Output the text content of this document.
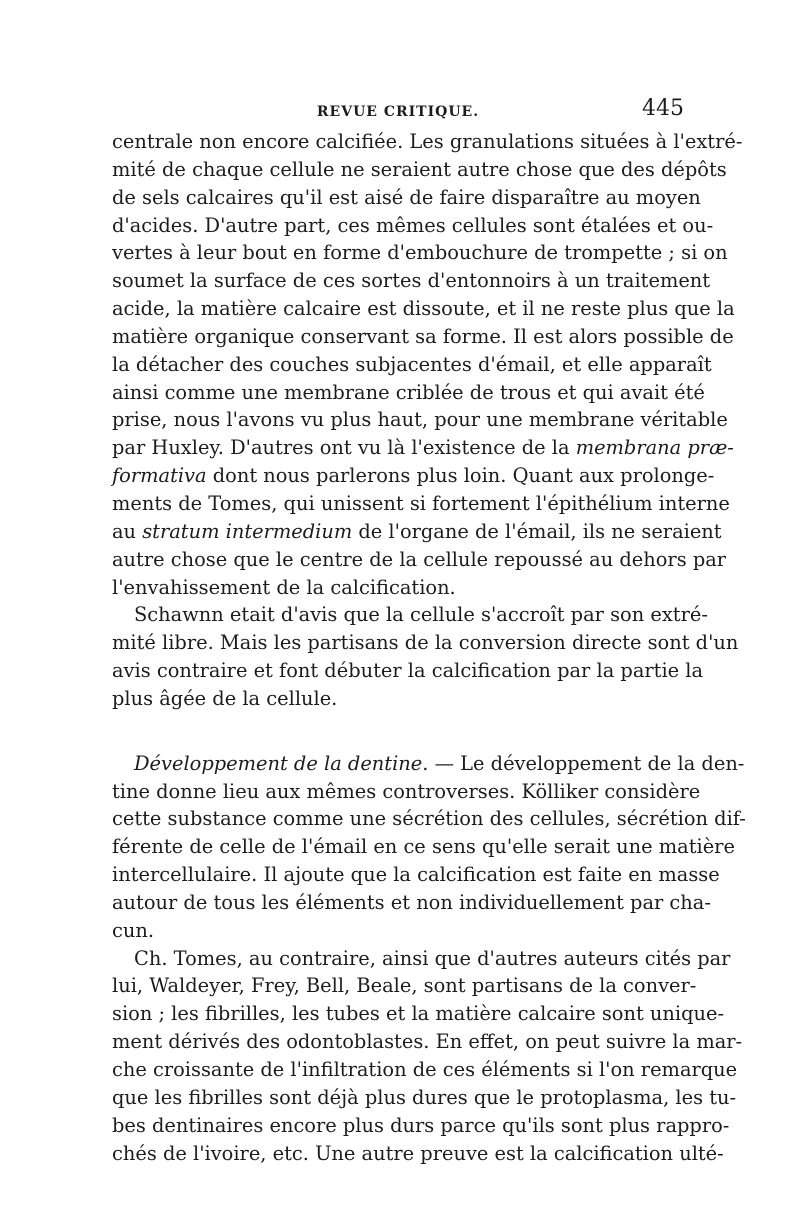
REVUE CRITIQUE.	445
centrale non encore calcifiée. Les granulations situées à l'extré-
mité de chaque cellule ne seraient autre chose que des dépôts
de sels calcaires qu'il est aisé de faire disparaître au moyen
d'acides. D'autre part, ces mêmes cellules sont étalées et ou-
vertes à leur bout en forme d'embouchure de trompette ; si on
soumet la surface de ces sortes d'entonnoirs à un traitement
acide, la matière calcaire est dissoute, et il ne reste plus que la
matière organique conservant sa forme. Il est alors possible de
la détacher des couches subjacentes d'émail, et elle apparaît
ainsi comme une membrane criblée de trous et qui avait été
prise, nous l'avons vu plus haut, pour une membrane véritable
par Huxley. D'autres ont vu là l'existence de la membrana præ-
formativa dont nous parlerons plus loin. Quant aux prolonge-
ments de Tomes, qui unissent si fortement l'épithélium interne
au stratum intermedium de l'organe de l'émail, ils ne seraient
autre chose que le centre de la cellule repoussé au dehors par
l'envahissement de la calcification.
Schawnn etait d'avis que la cellule s'accroît par son extré-
mité libre. Mais les partisans de la conversion directe sont d'un
avis contraire et font débuter la calcification par la partie la
plus âgée de la cellule.
Développement de la dentine. — Le développement de la den-
tine donne lieu aux mêmes controverses. Kölliker considère
cette substance comme une sécrétion des cellules, sécrétion dif-
férente de celle de l'émail en ce sens qu'elle serait une matière
intercellulaire. Il ajoute que la calcification est faite en masse
autour de tous les éléments et non individuellement par cha-
cun.
Ch. Tomes, au contraire, ainsi que d'autres auteurs cités par
lui, Waldeyer, Frey, Bell, Beale, sont partisans de la conver-
sion ; les fibrilles, les tubes et la matière calcaire sont unique-
ment dérivés des odontoblastes. En effet, on peut suivre la mar-
che croissante de l'infiltration de ces éléments si l'on remarque
que les fibrilles sont déjà plus dures que le protoplasma, les tu-
bes dentinaires encore plus durs parce qu'ils sont plus rappro-
chés de l'ivoire, etc. Une autre preuve est la calcification ulté-
